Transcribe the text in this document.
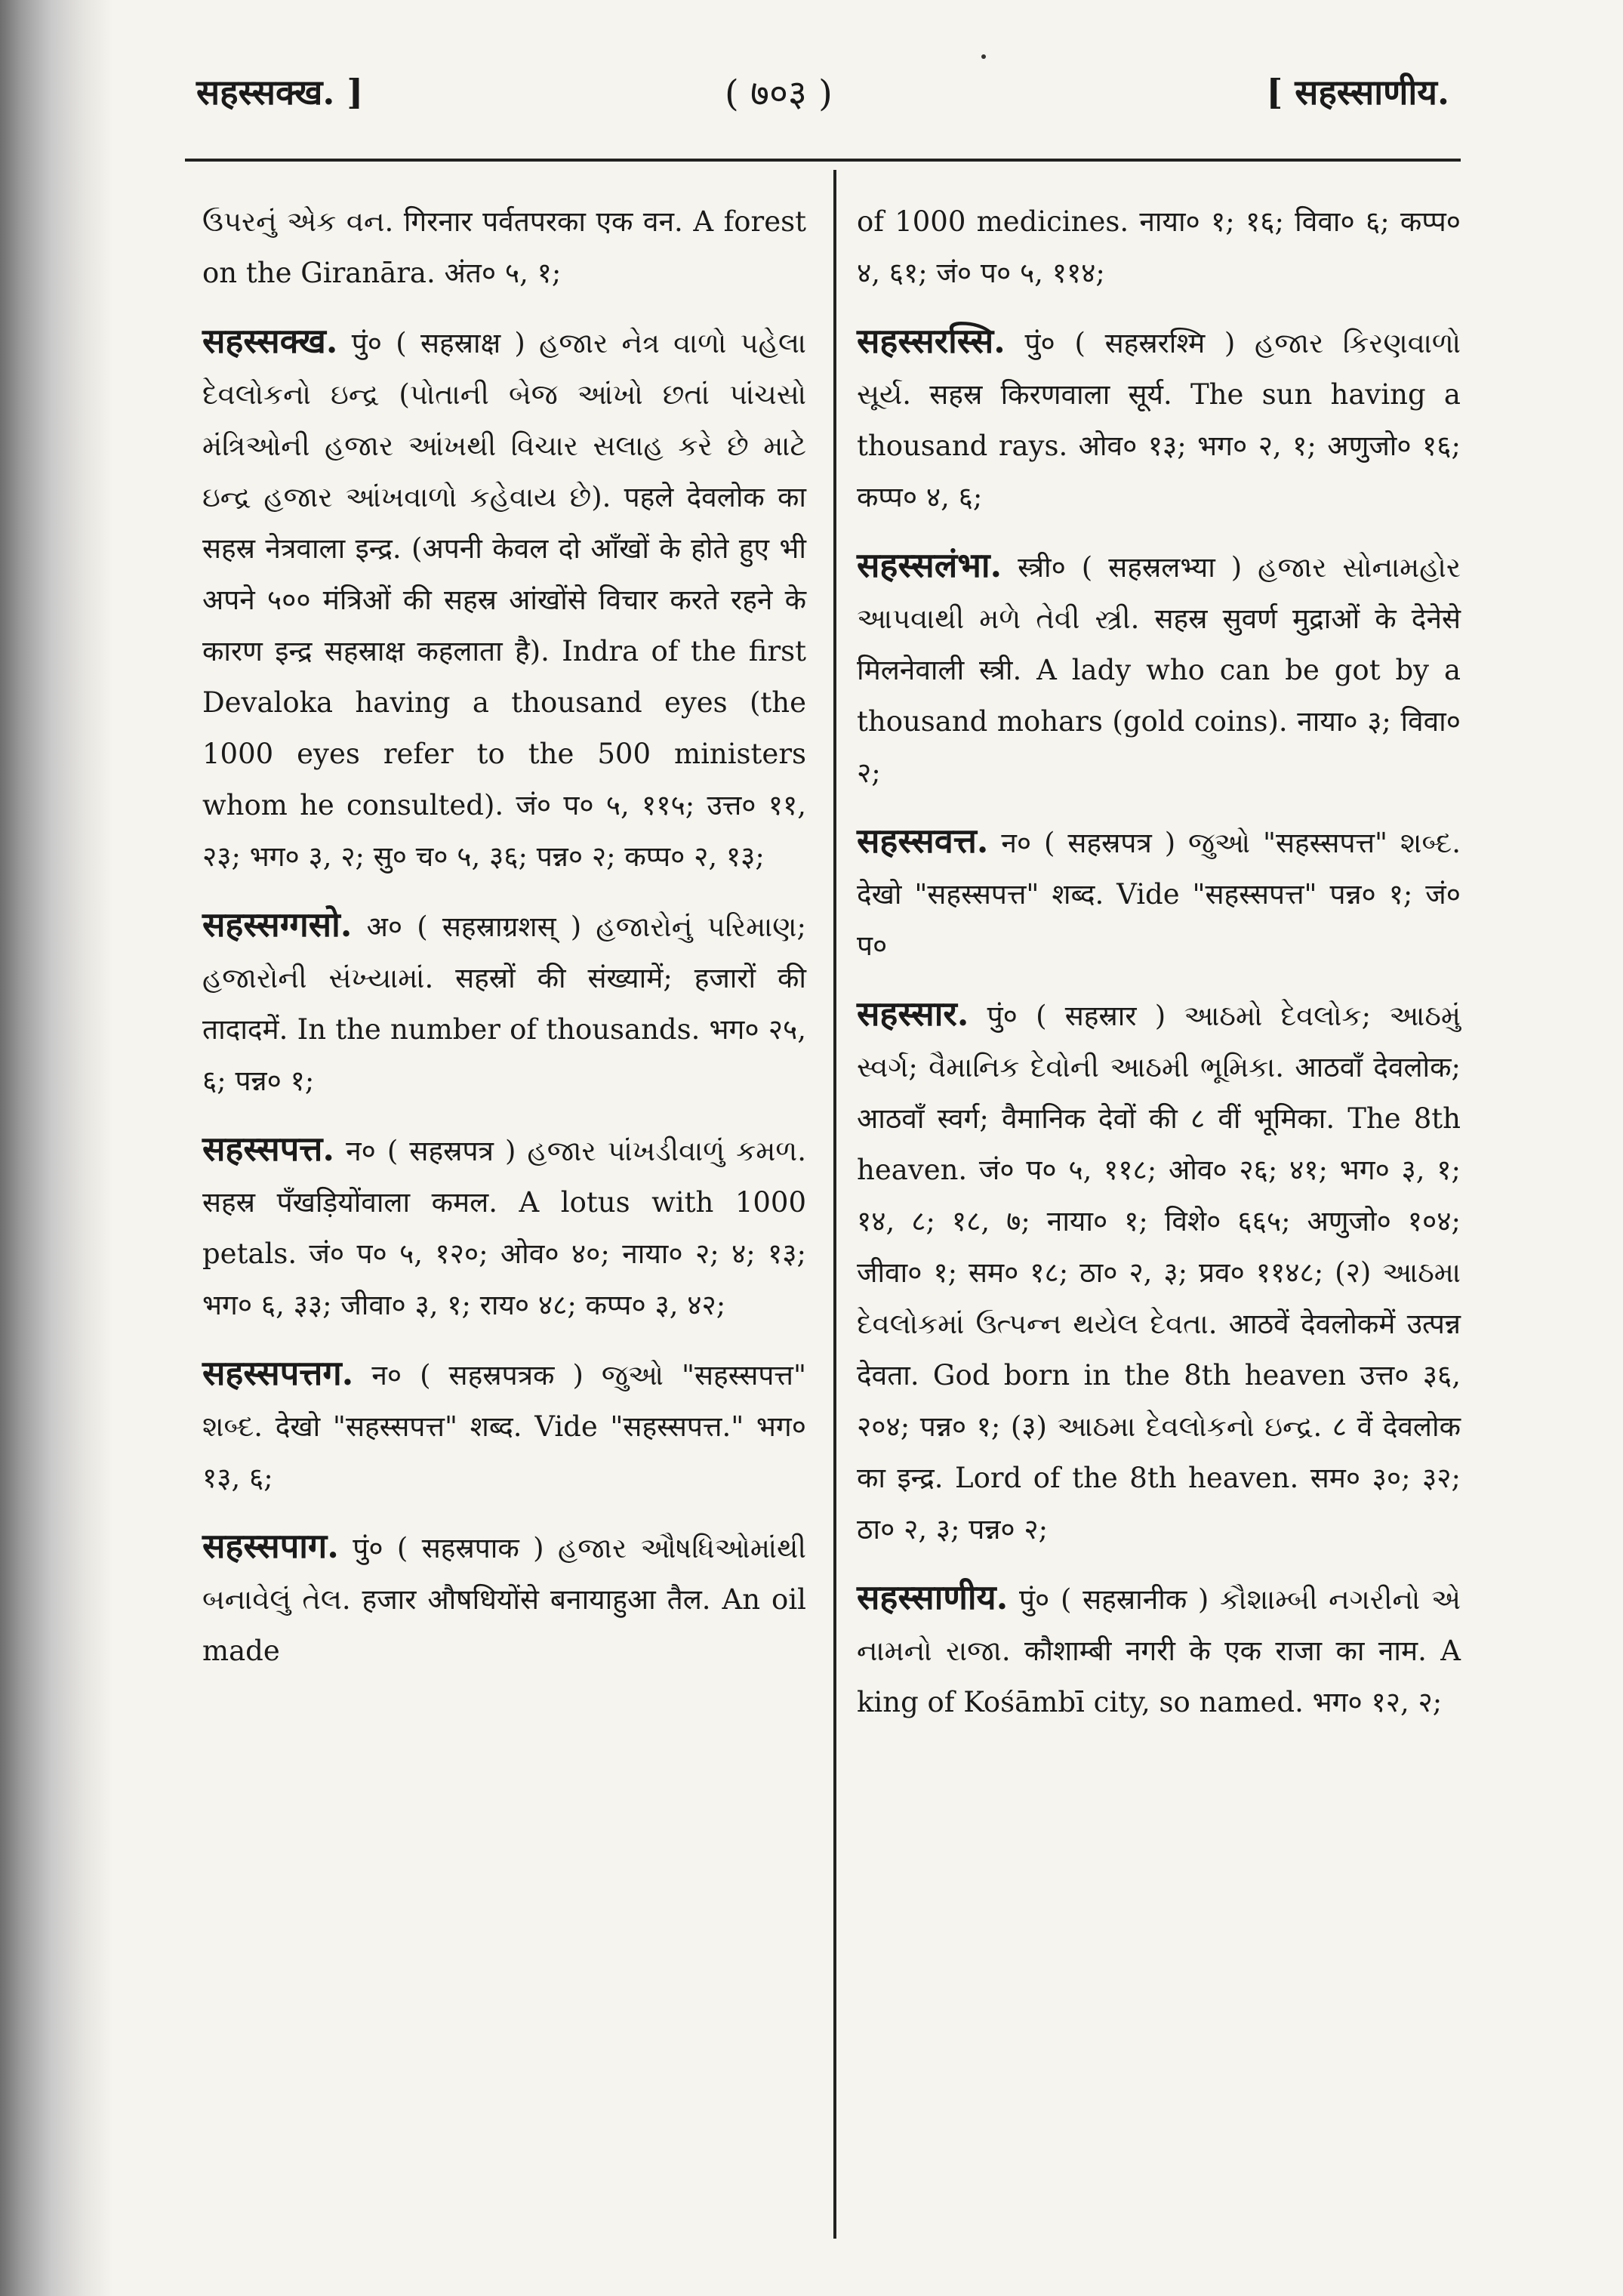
सहस्सक्ख. ]	( ७०३ )	[ सहस्साणीय.
ઉપરનું એક વન. गिरनार पर्वतपरका एक वन. A forest on the Giranāra. अंत० ५, १;
सहस्सक्ख. पुं० ( सहस्राक्ष ) હજાર નેત્ર વાળો પહેલા દેવલોકનો ઇન્દ્ર (પોતાની બેજ આંખો છતાં પાંચસો મંત્રિઓની હજાર આંખથી વિચાર સલાહ કરે છે માટે ઇન્દ્ર હજાર આંખવાળો કહેવાય છે). पहले देवलोक का सहस्र नेत्रवाला इन्द्र. (अपनी केवल दो आँखों के होते हुए भी अपने ५०० मंत्रिओं की सहस्र आंखोंसे विचार करते रहने के कारण इन्द्र सहस्राक्ष कहलाता है). Indra of the first Devaloka having a thousand eyes (the 1000 eyes refer to the 500 ministers whom he consulted). जं० प० ५, ११५; उत्त० ११, २३; भग० ३, २; सु० च० ५, ३६; पन्न० २; कप्प० २, १३;
सहस्सग्गसो. अ० ( सहस्राग्रशस् ) હજારોનું પરિમાણ; હજારોની સંખ્યામાં. सहस्रों की संख्यामें; हजारों की तादादमें. In the number of thousands. भग० २५, ६; पन्न० १;
सहस्सपत्त. न० ( सहस्रपत्र ) હજાર પાંખડીવાળું કમળ. सहस्र पँखड़ियोंवाला कमल. A lotus with 1000 petals. जं० प० ५, १२०; ओव० ४०; नाया० २; ४; १३; भग० ६, ३३; जीवा० ३, १; राय० ४८; कप्प० ३, ४२;
सहस्सपत्तग. न० ( सहस्रपत्रक ) જુઓ "सहस्सपत्त" શબ્દ. देखो "सहस्सपत्त" शब्द. Vide "सहस्सपत्त." भग० १३, ६;
सहस्सपाग. पुं० ( सहस्रपाक ) હજાર ઔષધિઓમાંથી બનાવેલું તેલ. हजार औषधियोंसे बनायाहुआ तैल. An oil made
of 1000 medicines. नाया० १; १६; विवा० ६; कप्प० ४, ६१; जं० प० ५, ११४;
सहस्सरस्सि. पुं० ( सहस्ररश्मि ) હજાર કિરણવાળો સૂર્ય. सहस्र किरणवाला सूर्य. The sun having a thousand rays. ओव० १३; भग० २, १; अणुजो० १६; कप्प० ४, ६;
सहस्सलंभा. स्त्री० ( सहस्रलभ्या ) હજાર સોનામહોર આપવાથી મળે તેવી સ્ત્રી. सहस्र सुवर्ण मुद्राओं के देनेसे मिलनेवाली स्त्री. A lady who can be got by a thousand mohars (gold coins). नाया० ३; विवा० २;
सहस्सवत्त. न० ( सहस्रपत्र ) જુઓ "सहस्सपत्त" શબ્દ. देखो "सहस्सपत्त" शब्द. Vide "सहस्सपत्त" पन्न० १; जं० प०
सहस्सार. पुं० ( सहस्रार ) આઠમો દેવલોક; આઠમું સ્વર્ગ; વૈમાનિક દેવોની આઠમી ભૂમિકા. आठवाँ देवलोक; आठवाँ स्वर्ग; वैमानिक देवों की ८ वीं भूमिका. The 8th heaven. जं० प० ५, ११८; ओव० २६; ४१; भग० ३, १; १४, ८; १८, ७; नाया० १; विशे० ६६५; अणुजो० १०४; जीवा० १; सम० १८; ठा० २, ३; प्रव० ११४८; (२) આઠમા દેવલોકમાં ઉત્પન્ન થયેલ દેવતા. आठवें देवलोकमें उत्पन्न देवता. God born in the 8th heaven उत्त० ३६, २०४; पन्न० १; (३) આઠમા દેવલોકનો ઇન્દ્ર. ८ वें देवलोक का इन्द्र. Lord of the 8th heaven. सम० ३०; ३२; ठा० २, ३; पन्न० २;
सहस्साणीय. पुं० ( सहस्रानीक ) કૌશામ્બી નગરીનો એ નામનો રાજા. कौशाम्बी नगरी के एक राजा का नाम. A king of Kośāmbī city, so named. भग० १२, २;
